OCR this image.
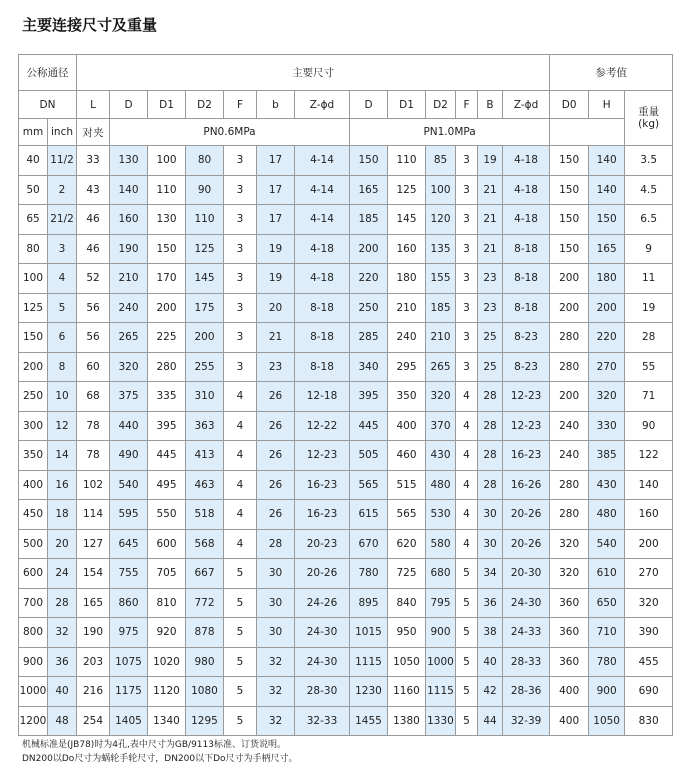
主要连接尺寸及重量
公称通径		主要尺寸													参考值		
DN		L	D	D1	D2	F	b	Z-ϕd	D	D1	D2	F	B	Z-ϕd	D0	H	重量
(kg)
mm	inch	对夹	PN0.6MPa						PN1.0MPa								
40	11/2	33	130	100	80	3	17	4-14	150	110	85	3	19	4-18	150	140	3.5
50	2	43	140	110	90	3	17	4-14	165	125	100	3	21	4-18	150	140	4.5
65	21/2	46	160	130	110	3	17	4-14	185	145	120	3	21	4-18	150	150	6.5
80	3	46	190	150	125	3	19	4-18	200	160	135	3	21	8-18	150	165	9
100	4	52	210	170	145	3	19	4-18	220	180	155	3	23	8-18	200	180	11
125	5	56	240	200	175	3	20	8-18	250	210	185	3	23	8-18	200	200	19
150	6	56	265	225	200	3	21	8-18	285	240	210	3	25	8-23	280	220	28
200	8	60	320	280	255	3	23	8-18	340	295	265	3	25	8-23	280	270	55
250	10	68	375	335	310	4	26	12-18	395	350	320	4	28	12-23	200	320	71
300	12	78	440	395	363	4	26	12-22	445	400	370	4	28	12-23	240	330	90
350	14	78	490	445	413	4	26	12-23	505	460	430	4	28	16-23	240	385	122
400	16	102	540	495	463	4	26	16-23	565	515	480	4	28	16-26	280	430	140
450	18	114	595	550	518	4	26	16-23	615	565	530	4	30	20-26	280	480	160
500	20	127	645	600	568	4	28	20-23	670	620	580	4	30	20-26	320	540	200
600	24	154	755	705	667	5	30	20-26	780	725	680	5	34	20-30	320	610	270
700	28	165	860	810	772	5	30	24-26	895	840	795	5	36	24-30	360	650	320
800	32	190	975	920	878	5	30	24-30	1015	950	900	5	38	24-33	360	710	390
900	36	203	1075	1020	980	5	32	24-30	1115	1050	1000	5	40	28-33	360	780	455
1000	40	216	1175	1120	1080	5	32	28-30	1230	1160	1115	5	42	28-36	400	900	690
1200	48	254	1405	1340	1295	5	32	32-33	1455	1380	1330	5	44	32-39	400	1050	830
机械标准是(JB78)时为4孔,表中尺寸为GB/9113标准、订货说明。
DN200以Do尺寸为蜗轮手轮尺寸，DN200以下Do尺寸为手柄尺寸。
